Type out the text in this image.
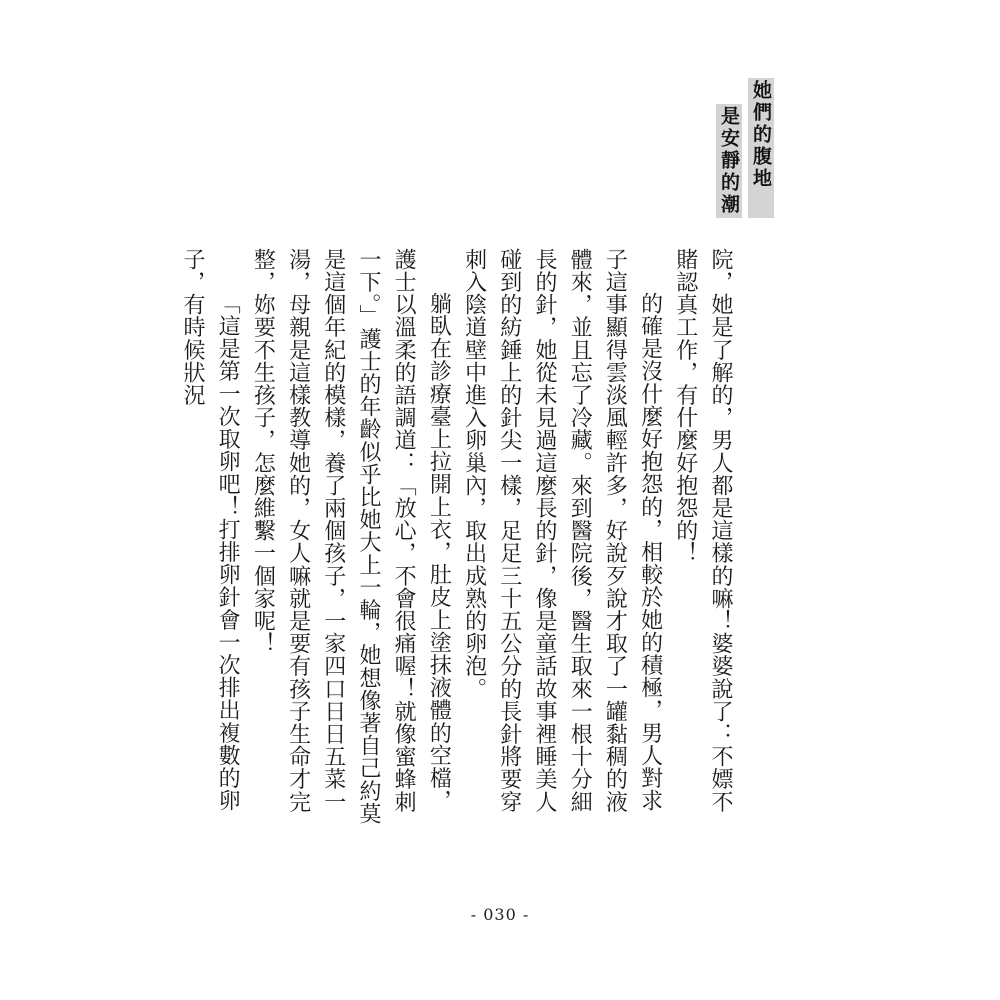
她們的腹地
是安靜的潮

院，她是了解的，男人都是這樣的嘛！婆婆說了：不嫖不賭認真工作，有什麼好抱怨的！

的確是沒什麼好抱怨的，相較於她的積極，男人對求子這事顯得雲淡風輕許多，好說歹說才取了一罐黏稠的液體來，並且忘了冷藏。來到醫院後，醫生取來一根十分細長的針，她從未見過這麼長的針，像是童話故事裡睡美人碰到的紡錘上的針尖一樣，足足三十五公分的長針將要穿刺入陰道壁中進入卵巢內，取出成熟的卵泡。

躺臥在診療臺上拉開上衣，肚皮上塗抹液體的空檔，護士以溫柔的語調道：「放心，不會很痛喔！就像蜜蜂刺一下。」護士的年齡似乎比她大上一輪，她想像著自己約莫是這個年紀的模樣，養了兩個孩子，一家四口日日五菜一湯，母親是這樣教導她的，女人嘛就是要有孩子生命才完整，妳要不生孩子，怎麼維繫一個家呢！

「這是第一次取卵吧！打排卵針會一次排出複數的卵子，有時候狀況

- 030 -
